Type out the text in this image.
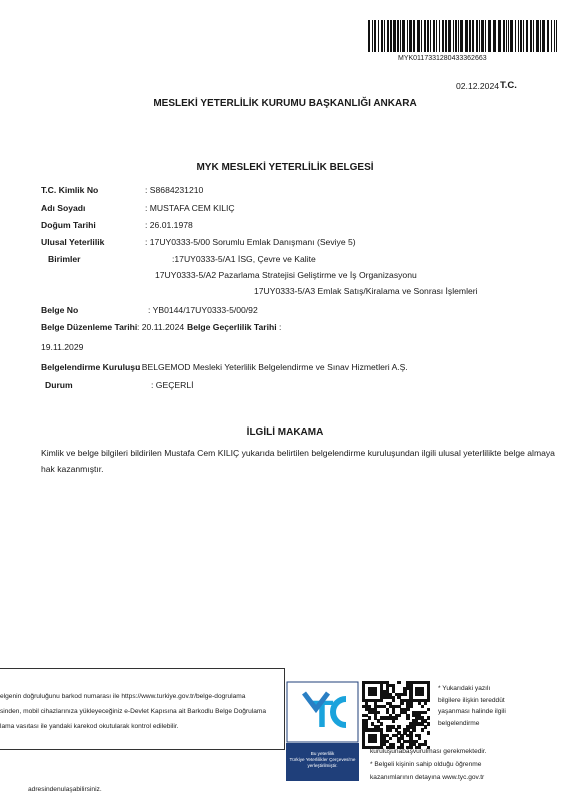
MYK011733128043336266​3
02.12.2024 T.C.
MESLEKİ YETERLİLİK KURUMU BAŞKANLIĞI ANKARA
MYK MESLEKİ YETERLİLİK BELGESİ
T.C. Kimlik No	: S8684231210
Adı Soyadı	: MUSTAFA CEM KILIÇ
Doğum Tarihi	: 26.01.1978
Ulusal Yeterlilik	: 17UY0333-5/00 Sorumlu Emlak Danışmanı (Seviye 5)
Birimler	:17UY0333-5/A1 İSG, Çevre ve Kalite
17UY0333-5/A2 Pazarlama Stratejisi Geliştirme ve İş Organizasyonu
17UY0333-5/A3 Emlak Satış/Kiralama ve Sonrası İşlemleri
Belge No	: YB0144/17UY0333-5/00/92
Belge Düzenleme Tarihi : 20.11.2024 Belge Geçerlilik Tarihi :
19.11.2029
Belgelendirme Kuruluşu
: BELGEMOD Mesleki Yeterlilik Belgelendirme ve Sınav Hizmetleri A.Ş.
Durum	: GEÇERLİ
İLGİLİ MAKAMA
Kimlik ve belge bilgileri bildirilen Mustafa Cem KILIÇ yukarıda belirtilen belgelendirme kuruluşundan ilgili ulusal yeterlilikte belge almaya
hak kazanmıştır.
elgenin doğruluğunu barkod numarası ile https://www.turkiye.gov.tr/belge-dogrulama
sinden, mobil cihazlarınıza yükleyeceğiniz e-Devlet Kapısına ait Barkodlu Belge Doğrulama
lama vasıtası ile yandaki karekod okutularak kontrol edilebilir.	T
Bu yeterlilik
Türkiye Yeterlilikler Çerçevesi'ne
yerleştirilmiştir.
* Yukarıdaki yazılı
bilgilere ilişkin tereddüt
yaşanması halinde ilgili
belgelendirme
kuruluşunabaşvurulması gerekmektedir.
* Belgeli kişinin sahip olduğu öğrenme
kazanımlarının detayına www.tyc.gov.tr
adresindenulaşabilirsiniz.
